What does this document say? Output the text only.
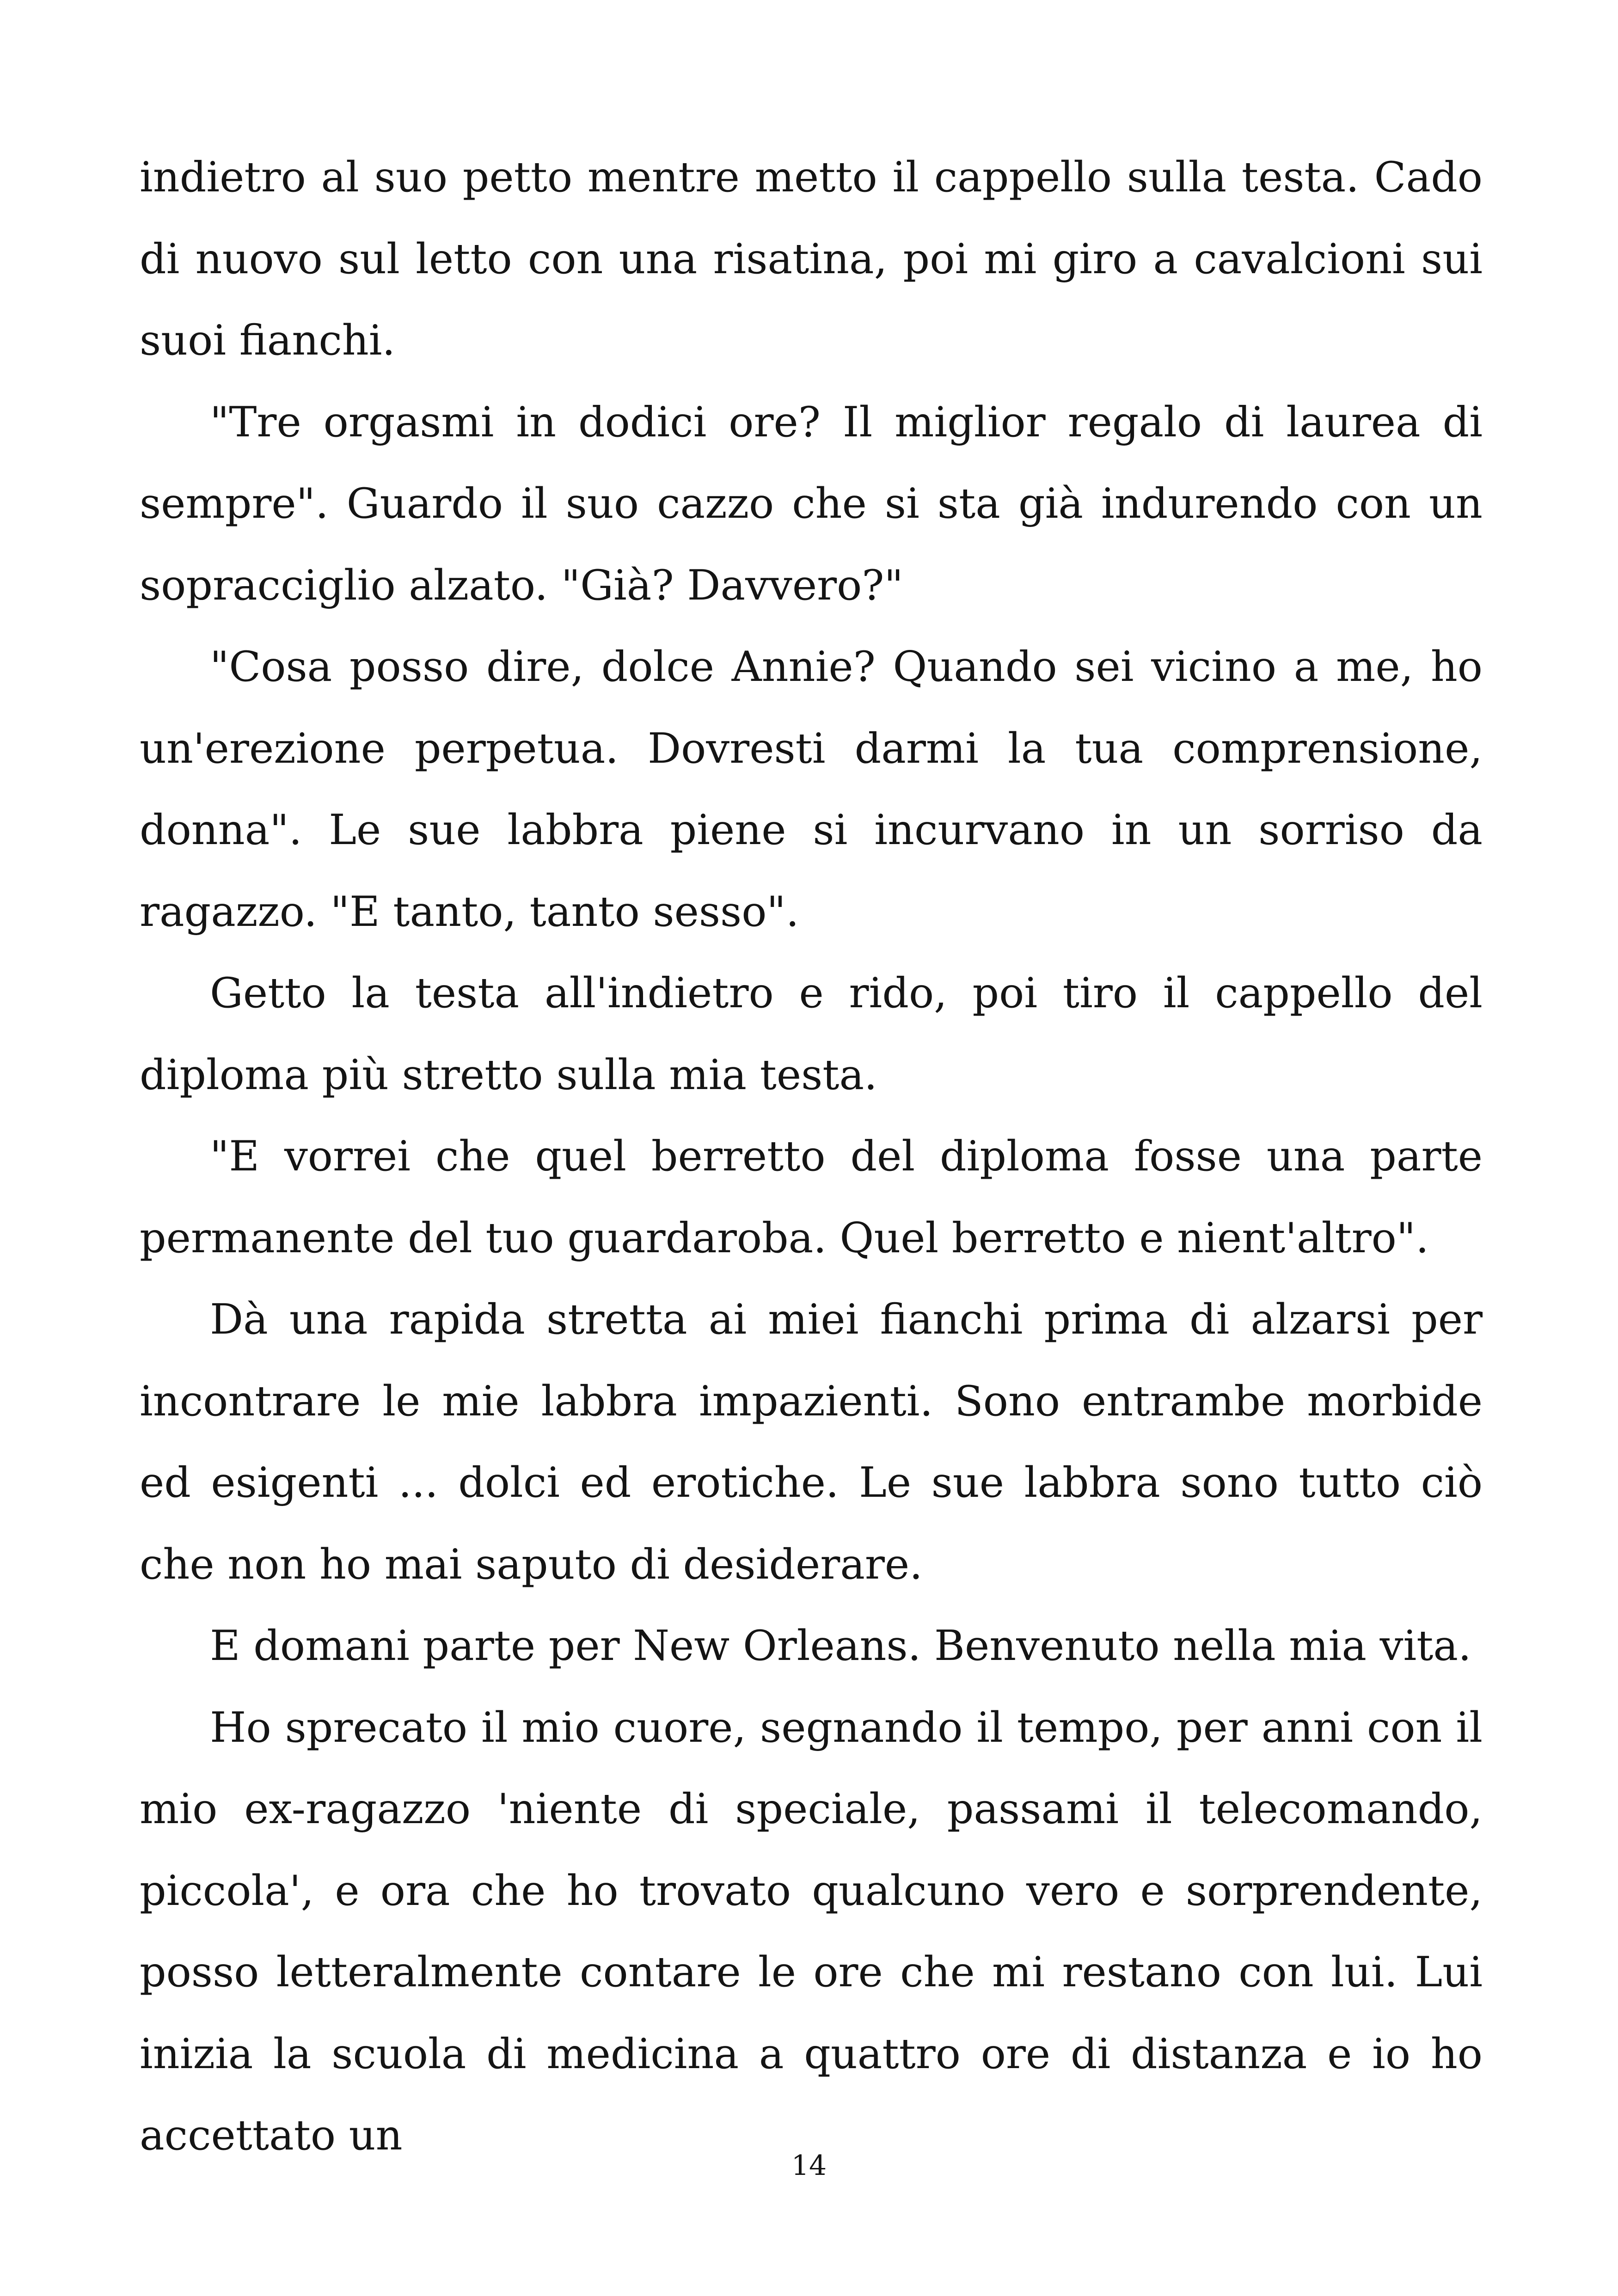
indietro al suo petto mentre metto il cappello sulla testa. Cado di nuovo sul letto con una risatina, poi mi giro a cavalcioni sui suoi fianchi.

"Tre orgasmi in dodici ore? Il miglior regalo di laurea di sempre". Guardo il suo cazzo che si sta già indurendo con un sopracciglio alzato. "Già? Davvero?"

"Cosa posso dire, dolce Annie? Quando sei vicino a me, ho un'erezione perpetua. Dovresti darmi la tua comprensione, donna". Le sue labbra piene si incurvano in un sorriso da ragazzo. "E tanto, tanto sesso".

Getto la testa all'indietro e rido, poi tiro il cappello del diploma più stretto sulla mia testa.

"E vorrei che quel berretto del diploma fosse una parte permanente del tuo guardaroba. Quel berretto e nient'altro".

Dà una rapida stretta ai miei fianchi prima di alzarsi per incontrare le mie labbra impazienti. Sono entrambe morbide ed esigenti ... dolci ed erotiche. Le sue labbra sono tutto ciò che non ho mai saputo di desiderare.

E domani parte per New Orleans. Benvenuto nella mia vita.

Ho sprecato il mio cuore, segnando il tempo, per anni con il mio ex-ragazzo 'niente di speciale, passami il telecomando, piccola', e ora che ho trovato qualcuno vero e sorprendente, posso letteralmente contare le ore che mi restano con lui. Lui inizia la scuola di medicina a quattro ore di distanza e io ho accettato un

14
